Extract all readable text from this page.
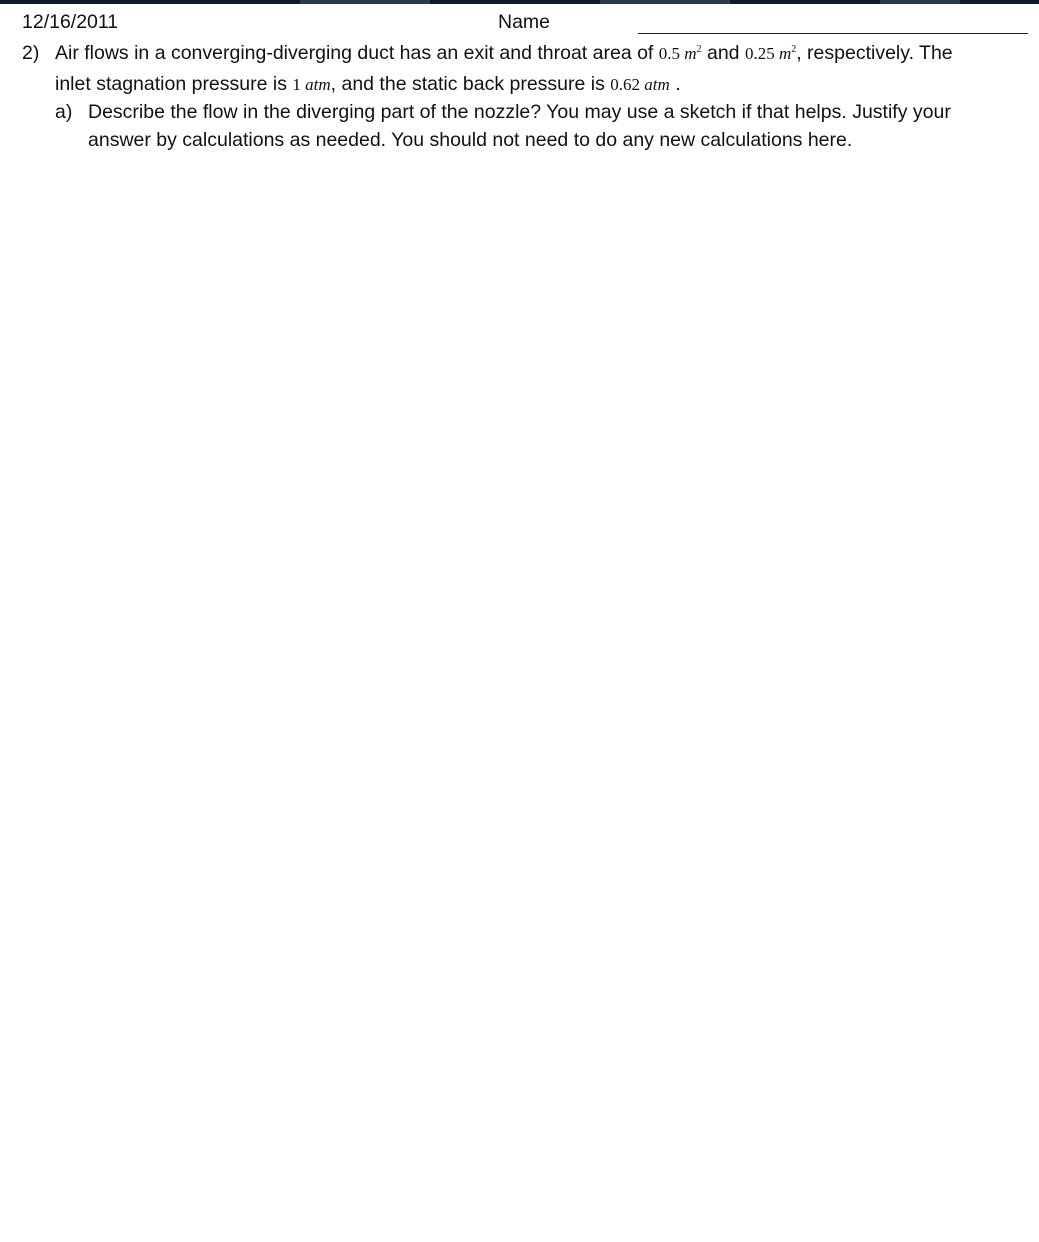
12/16/2011	Name
2) Air flows in a converging-diverging duct has an exit and throat area of 0.5 $m^2$ and 0.25 $m^2$, respectively. The
inlet stagnation pressure is 1 atm, and the static back pressure is 0.62 atm .
a) Describe the flow in the diverging part of the nozzle? You may use a sketch if that helps. Justify your
answer by calculations as needed. You should not need to do any new calculations here.
